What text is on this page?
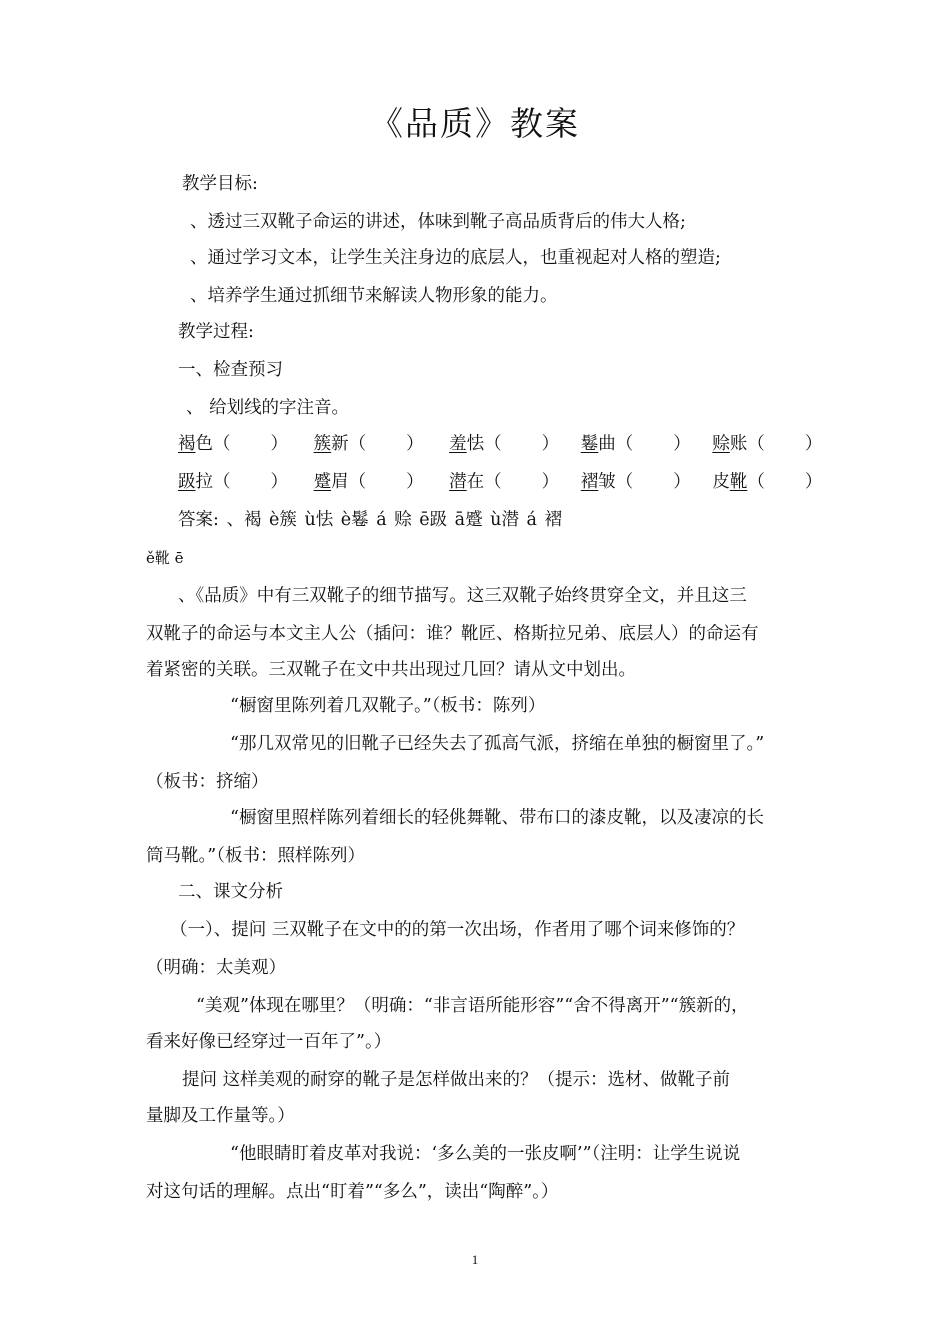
《品质》教案
教学目标:
、透过三双靴子命运的讲述，体味到靴子高品质背后的伟大人格;
、通过学习文本，让学生关注身边的底层人，也重视起对人格的塑造;
、培养学生通过抓细节来解读人物形象的能力。
教学过程:
一、检查预习
、 给划线的字注音。
褐色（ ） 簇新（ ） 羞怯（ ） 鬈曲（ ） 赊账（ ）
趿拉（ ） 蹙眉（ ） 潜在（ ） 褶皱（ ） 皮靴（ ）
答案: 、褐 è簇 ù怯 è鬈 á 赊 ē趿 ā蹙 ù潜 á 褶
ě靴 ē
、《品质》中有三双靴子的细节描写。这三双靴子始终贯穿全文，并且这三
双靴子的命运与本文主人公（插问：谁？靴匠、格斯拉兄弟、底层人）的命运有
着紧密的关联。三双靴子在文中共出现过几回？请从文中划出。
“橱窗里陈列着几双靴子。”（板书：陈列）
“那几双常见的旧靴子已经失去了孤高气派，挤缩在单独的橱窗里了。”
（板书：挤缩）
“橱窗里照样陈列着细长的轻佻舞靴、带布口的漆皮靴，以及凄凉的长
筒马靴。”（板书：照样陈列）
二、课文分析
（一）、提问 三双靴子在文中的的第一次出场，作者用了哪个词来修饰的？
（明确：太美观）
“美观”体现在哪里？（明确：“非言语所能形容”“舍不得离开”“簇新的，
看来好像已经穿过一百年了”。）
提问 这样美观的耐穿的靴子是怎样做出来的？（提示：选材、做靴子前
量脚及工作量等。）
“他眼睛盯着皮革对我说：‘多么美的一张皮啊’”（注明：让学生说说
对这句话的理解。点出“盯着”“多么”，读出“陶醉”。）
1
